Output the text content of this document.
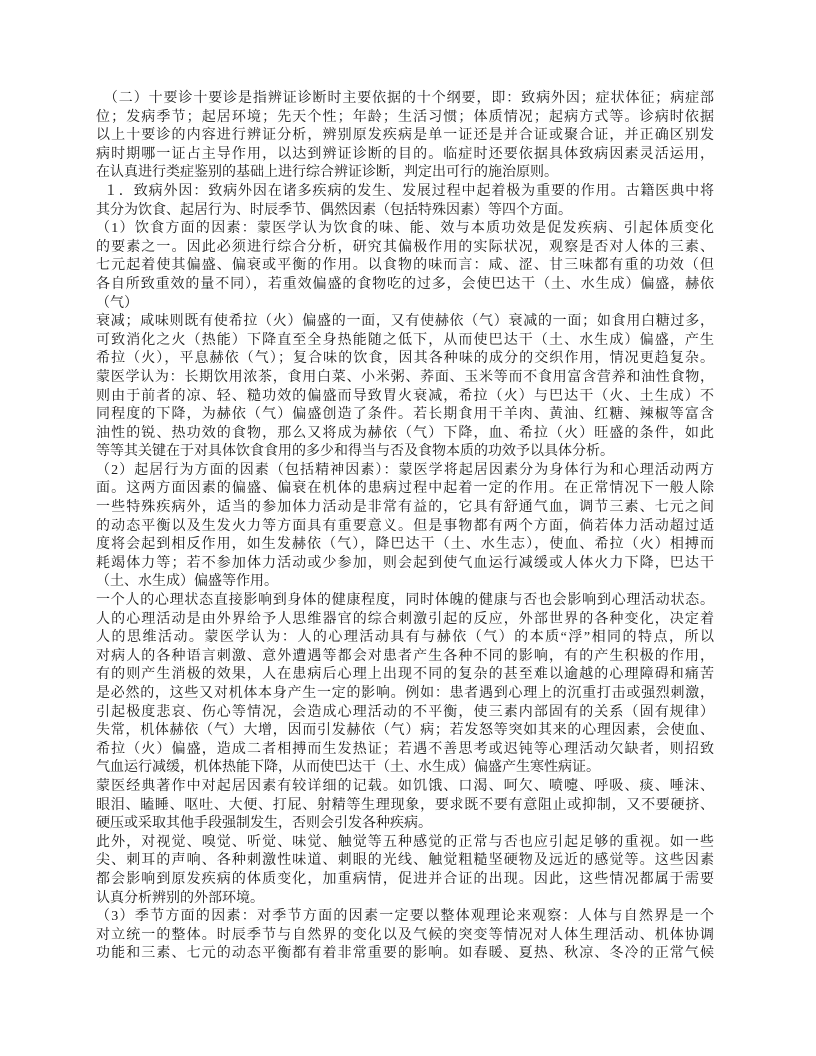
 （二）十要诊十要诊是指辨证诊断时主要依据的十个纲要，即：致病外因；症状体征；病症部
位；发病季节；起居环境；先天个性；年龄；生活习惯；体质情况；起病方式等。诊病时依据
以上十要诊的内容进行辨证分析，辨别原发疾病是单一证还是并合证或聚合证，并正确区别发
病时期哪一证占主导作用，以达到辨证诊断的目的。临症时还要依据具体致病因素灵活运用，
在认真进行类症鉴别的基础上进行综合辨证诊断，判定出可行的施治原则。
 １．致病外因：致病外因在诸多疾病的发生、发展过程中起着极为重要的作用。古籍医典中将
其分为饮食、起居行为、时辰季节、偶然因素（包括特殊因素）等四个方面。
（1）饮食方面的因素：蒙医学认为饮食的味、能、效与本质功效是促发疾病、引起体质变化
的要素之一。因此必须进行综合分析，研究其偏极作用的实际状况，观察是否对人体的三素、
七元起着使其偏盛、偏衰或平衡的作用。以食物的味而言：咸、涩、甘三味都有重的功效（但
各自所致重效的量不同），若重效偏盛的食物吃的过多，会使巴达干（土、水生成）偏盛，赫依
（气）
衰减；咸味则既有使希拉（火）偏盛的一面，又有使赫依（气）衰减的一面；如食用白糖过多，
可致消化之火（热能）下降直至全身热能随之低下，从而使巴达干（土、水生成）偏盛，产生
希拉（火），平息赫依（气）；复合味的饮食，因其各种味的成分的交织作用，情况更趋复杂。
蒙医学认为：长期饮用浓茶，食用白菜、小米粥、荞面、玉米等而不食用富含营养和油性食物，
则由于前者的凉、轻、糙功效的偏盛而导致胃火衰减，希拉（火）与巴达干（火、土生成）不
同程度的下降，为赫依（气）偏盛创造了条件。若长期食用干羊肉、黄油、红糖、辣椒等富含
油性的锐、热功效的食物，那么又将成为赫依（气）下降，血、希拉（火）旺盛的条件，如此
等等其关键在于对具体饮食食用的多少和得当与否及食物本质的功效予以具体分析。
（2）起居行为方面的因素（包括精神因素）：蒙医学将起居因素分为身体行为和心理活动两方
面。这两方面因素的偏盛、偏衰在机体的患病过程中起着一定的作用。在正常情况下一般人除
一些特殊疾病外，适当的参加体力活动是非常有益的，它具有舒通气血，调节三素、七元之间
的动态平衡以及生发火力等方面具有重要意义。但是事物都有两个方面，倘若体力活动超过适
度将会起到相反作用，如生发赫依（气），降巴达干（土、水生志），使血、希拉（火）相搏而
耗竭体力等；若不参加体力活动或少参加，则会起到使气血运行减缓或人体火力下降，巴达干
（土、水生成）偏盛等作用。
一个人的心理状态直接影响到身体的健康程度，同时体魄的健康与否也会影响到心理活动状态。
人的心理活动是由外界给予人思维器官的综合刺激引起的反应，外部世界的各种变化，决定着
人的思维活动。蒙医学认为：人的心理活动具有与赫依（气）的本质“浮”相同的特点，所以
对病人的各种语言刺激、意外遭遇等都会对患者产生各种不同的影响，有的产生积极的作用，
有的则产生消极的效果，人在患病后心理上出现不同的复杂的甚至难以逾越的心理障碍和痛苦
是必然的，这些又对机体本身产生一定的影响。例如：患者遇到心理上的沉重打击或强烈刺激，
引起极度悲哀、伤心等情况，会造成心理活动的不平衡，使三素内部固有的关系（固有规律）
失常，机体赫依（气）大增，因而引发赫依（气）病；若发怒等突如其来的心理因素，会使血、
希拉（火）偏盛，造成二者相搏而生发热证；若遇不善思考或迟钝等心理活动欠缺者，则招致
气血运行减缓，机体热能下降，从而使巴达干（土、水生成）偏盛产生寒性病证。
蒙医经典著作中对起居因素有较详细的记载。如饥饿、口渴、呵欠、喷嚏、呼吸、痰、唾沫、
眼泪、瞌睡、呕吐、大便、打屁、射精等生理现象，要求既不要有意阻止或抑制，又不要硬挤、
硬压或采取其他手段强制发生，否则会引发各种疾病。
此外，对视觉、嗅觉、听觉、味觉、触觉等五种感觉的正常与否也应引起足够的重视。如一些
尖、刺耳的声响、各种刺激性味道、刺眼的光线、触觉粗糙坚硬物及远近的感觉等。这些因素
都会影响到原发疾病的体质变化，加重病情，促进并合证的出现。因此，这些情况都属于需要
认真分析辨别的外部环境。
（3）季节方面的因素：对季节方面的因素一定要以整体观理论来观察：人体与自然界是一个
对立统一的整体。时辰季节与自然界的变化以及气候的突变等情况对人体生理活动、机体协调
功能和三素、七元的动态平衡都有着非常重要的影响。如春暖、夏热、秋凉、冬冷的正常气候
